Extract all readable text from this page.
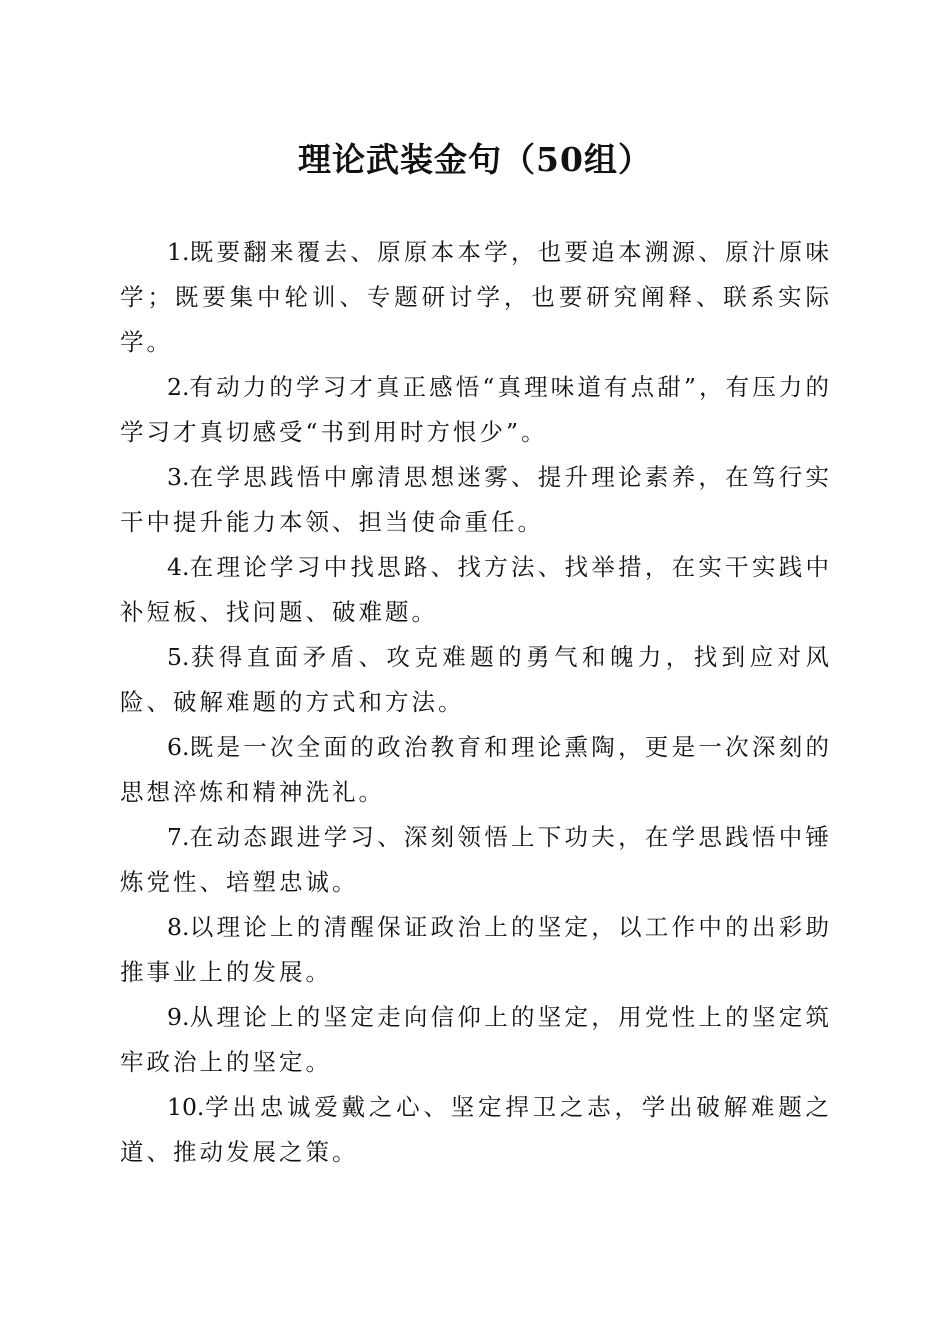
理论武装金句（50组）

1.既要翻来覆去、原原本本学，也要追本溯源、原汁原味学；既要集中轮训、专题研讨学，也要研究阐释、联系实际学。

2.有动力的学习才真正感悟“真理味道有点甜”，有压力的学习才真切感受“书到用时方恨少”。

3.在学思践悟中廓清思想迷雾、提升理论素养，在笃行实干中提升能力本领、担当使命重任。

4.在理论学习中找思路、找方法、找举措，在实干实践中补短板、找问题、破难题。

5.获得直面矛盾、攻克难题的勇气和魄力，找到应对风险、破解难题的方式和方法。

6.既是一次全面的政治教育和理论熏陶，更是一次深刻的思想淬炼和精神洗礼。

7.在动态跟进学习、深刻领悟上下功夫，在学思践悟中锤炼党性、培塑忠诚。

8.以理论上的清醒保证政治上的坚定，以工作中的出彩助推事业上的发展。

9.从理论上的坚定走向信仰上的坚定，用党性上的坚定筑牢政治上的坚定。

10.学出忠诚爱戴之心、坚定捍卫之志，学出破解难题之道、推动发展之策。
